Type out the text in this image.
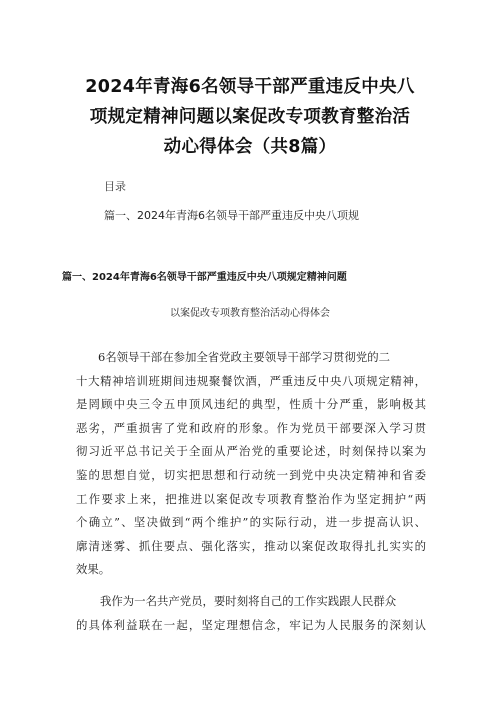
2024年青海6名领导干部严重违反中央八
项规定精神问题以案促改专项教育整治活
动心得体会（共8篇）
目录
篇一、2024年青海6名领导干部严重违反中央八项规
篇一、2024年青海6名领导干部严重违反中央八项规定精神问题
以案促改专项教育整治活动心得体会
6名领导干部在参加全省党政主要领导干部学习贯彻党的二
十大精神培训班期间违规聚餐饮酒，严重违反中央八项规定精神，
是罔顾中央三令五申顶风违纪的典型，性质十分严重，影响极其
恶劣，严重损害了党和政府的形象。作为党员干部要深入学习贯
彻习近平总书记关于全面从严治党的重要论述，时刻保持以案为
鉴的思想自觉，切实把思想和行动统一到党中央决定精神和省委
工作要求上来，把推进以案促改专项教育整治作为坚定拥护“两
个确立”、坚决做到“两个维护”的实际行动，进一步提高认识、
廓清迷雾、抓住要点、强化落实，推动以案促改取得扎扎实实的
效果。
我作为一名共产党员，要时刻将自己的工作实践跟人民群众
的具体利益联在一起，坚定理想信念，牢记为人民服务的深刻认
